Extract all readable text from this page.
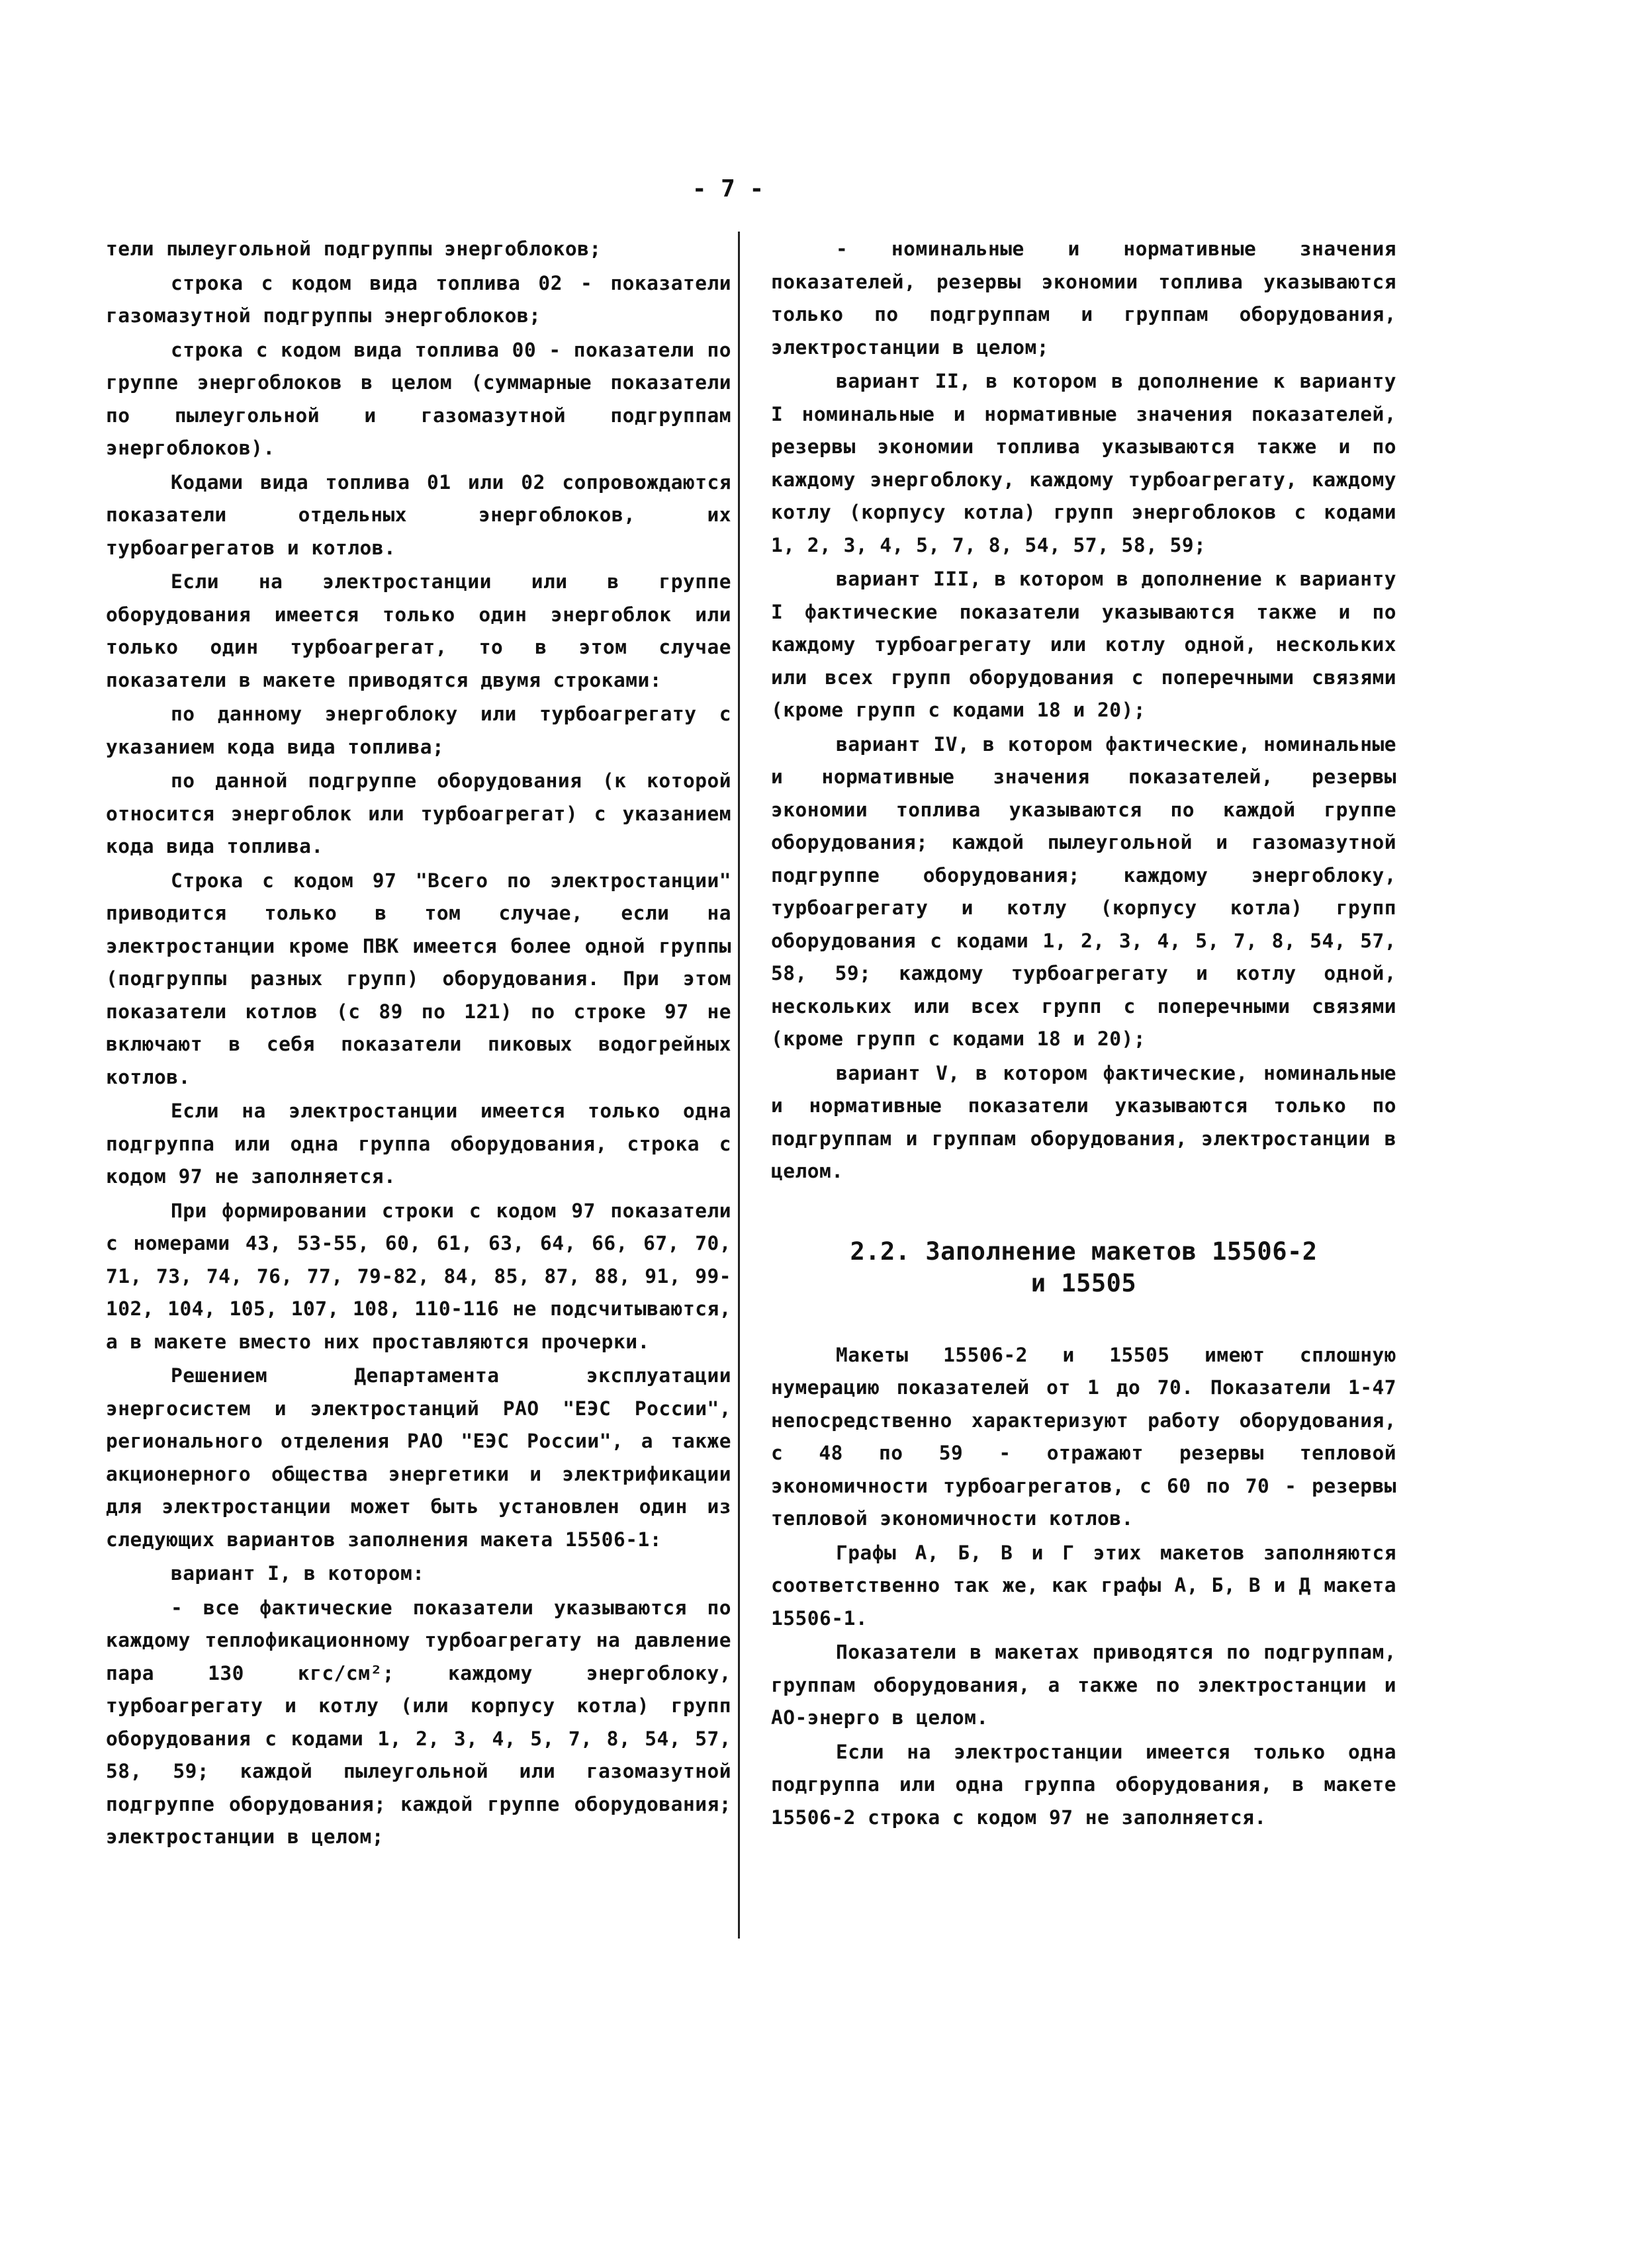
- 7 -

тели пылеугольной подгруппы энергоблоков;

строка с кодом вида топлива 02 - показатели газомазутной подгруппы энергоблоков;

строка с кодом вида топлива 00 - показатели по группе энергоблоков в целом (суммарные показатели по пылеугольной и газомазутной подгруппам энергоблоков).

Кодами вида топлива 01 или 02 сопровождаются показатели отдельных энергоблоков, их турбоагрегатов и котлов.

Если на электростанции или в группе оборудования имеется только один энергоблок или только один турбоагрегат, то в этом случае показатели в макете приводятся двумя строками:

по данному энергоблоку или турбоагрегату с указанием кода вида топлива;

по данной подгруппе оборудования (к которой относится энергоблок или турбоагрегат) с указанием кода вида топлива.

Строка с кодом 97 "Всего по электростанции" приводится только в том случае, если на электростанции кроме ПВК имеется более одной группы (подгруппы разных групп) оборудования. При этом показатели котлов (с 89 по 121) по строке 97 не включают в себя показатели пиковых водогрейных котлов.

Если на электростанции имеется только одна подгруппа или одна группа оборудования, строка с кодом 97 не заполняется.

При формировании строки с кодом 97 показатели с номерами 43, 53-55, 60, 61, 63, 64, 66, 67, 70, 71, 73, 74, 76, 77, 79-82, 84, 85, 87, 88, 91, 99-102, 104, 105, 107, 108, 110-116 не подсчитываются, а в макете вместо них проставляются прочерки.

Решением Департамента эксплуатации энергосистем и электростанций РАО "ЕЭС России", регионального отделения РАО "ЕЭС России", а также акционерного общества энергетики и электрификации для электростанции может быть установлен один из следующих вариантов заполнения макета 15506-1:

вариант I, в котором:

- все фактические показатели указываются по каждому теплофикационному турбоагрегату на давление пара 130 кгс/см²; каждому энергоблоку, турбоагрегату и котлу (или корпусу котла) групп оборудования с кодами 1, 2, 3, 4, 5, 7, 8, 54, 57, 58, 59; каждой пылеугольной или газомазутной подгруппе оборудования; каждой группе оборудования; электростанции в целом;

- номинальные и нормативные значения показателей, резервы экономии топлива указываются только по подгруппам и группам оборудования, электростанции в целом;

вариант II, в котором в дополнение к варианту I номинальные и нормативные значения показателей, резервы экономии топлива указываются также и по каждому энергоблоку, каждому турбоагрегату, каждому котлу (корпусу котла) групп энергоблоков с кодами 1, 2, 3, 4, 5, 7, 8, 54, 57, 58, 59;

вариант III, в котором в дополнение к варианту I фактические показатели указываются также и по каждому турбоагрегату или котлу одной, нескольких или всех групп оборудования с поперечными связями (кроме групп с кодами 18 и 20);

вариант IV, в котором фактические, номинальные и нормативные значения показателей, резервы экономии топлива указываются по каждой группе оборудования; каждой пылеугольной и газомазутной подгруппе оборудования; каждому энергоблоку, турбоагрегату и котлу (корпусу котла) групп оборудования с кодами 1, 2, 3, 4, 5, 7, 8, 54, 57, 58, 59; каждому турбоагрегату и котлу одной, нескольких или всех групп с поперечными связями (кроме групп с кодами 18 и 20);

вариант V, в котором фактические, номинальные и нормативные показатели указываются только по подгруппам и группам оборудования, электростанции в целом.

2.2. Заполнение макетов 15506-2
и 15505

Макеты 15506-2 и 15505 имеют сплошную нумерацию показателей от 1 до 70. Показатели 1-47 непосредственно характеризуют работу оборудования, с 48 по 59 - отражают резервы тепловой экономичности турбоагрегатов, с 60 по 70 - резервы тепловой экономичности котлов.

Графы А, Б, В и Г этих макетов заполняются соответственно так же, как графы А, Б, В и Д макета 15506-1.

Показатели в макетах приводятся по подгруппам, группам оборудования, а также по электростанции и АО-энерго в целом.

Если на электростанции имеется только одна подгруппа или одна группа оборудования, в макете 15506-2 строка с кодом 97 не заполняется.
